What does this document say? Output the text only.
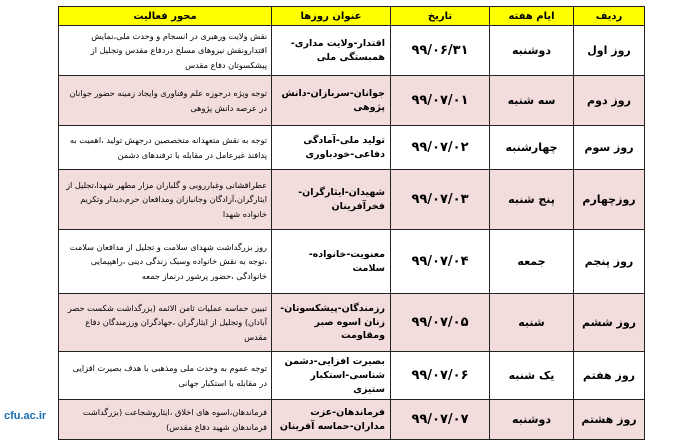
ردیف	ایام هفته	تاریخ	عنوان روزها	محور فعالیت
روز اول	دوشنبه	۹۹/۰۶/۳۱	اقتدار-ولایت مداری-همبستگی ملی	نقش ولایت ورهبری در انسجام و وحدت ملی،نمایش اقتدارونقش نیروهای مسلح دردفاع مقدس وتجلیل از پیشکسوتان دفاع مقدس
روز دوم	سه شنبه	۹۹/۰۷/۰۱	جوانان-سربازان-دانش پژوهی	توجه ویژه درحوزه علم وفناوری وایجاد زمینه حضور جوانان در عرصه دانش پژوهی
روز سوم	چهارشنبه	۹۹/۰۷/۰۲	تولید ملی-آمادگی دفاعی-خودباوری	توجه به نقش متعهدانه متخصصین درجهش تولید ،اهمیت به پدافند غیرعامل در مقابله با ترفندهای دشمن
روزچهارم	پنج شنبه	۹۹/۰۷/۰۳	شهیدان-ایثارگران-فخرآفرینان	عطرافشانی وغبارروبی و گلباران مزار مطهر شهدا،تجلیل از ایثارگران،آزادگان وجانبازان ومدافعان حرم،دیدار وتکریم خانواده شهدا
روز پنجم	جمعه	۹۹/۰۷/۰۴	معنویت-خانواده-سلامت	روز بزرگداشت شهدای سلامت و تجلیل از مدافعان سلامت ،توجه به نقش خانواده وسبک زندگی دینی ،راهپیمایی خانوادگی ،حضور پرشور درنماز جمعه
روز ششم	شنبه	۹۹/۰۷/۰۵	رزمندگان-پیشکسوتان-زنان اسوه صبر ومقاومت	تبیین حماسه عملیات ثامن الائمه (بزرگداشت شکست حصر آبادان) وتجلیل از ایثارگران ،جهادگران ورزمندگان دفاع مقدس
روز هفتم	یک شنبه	۹۹/۰۷/۰۶	بصیرت افزایی-دشمن شناسی-استکبار ستیزی	توجه عموم به وحدت ملی ومذهبی با هدف بصیرت افزایی در مقابله با استکبار جهانی
روز هشتم	دوشنبه	۹۹/۰۷/۰۷	فرماندهان-عزت مداران-حماسه آفرینان	فرماندهان،اسوه های اخلاق ،ایثاروشجاعت (بزرگداشت فرماندهان شهید دفاع مقدس)
cfu.ac.ir
